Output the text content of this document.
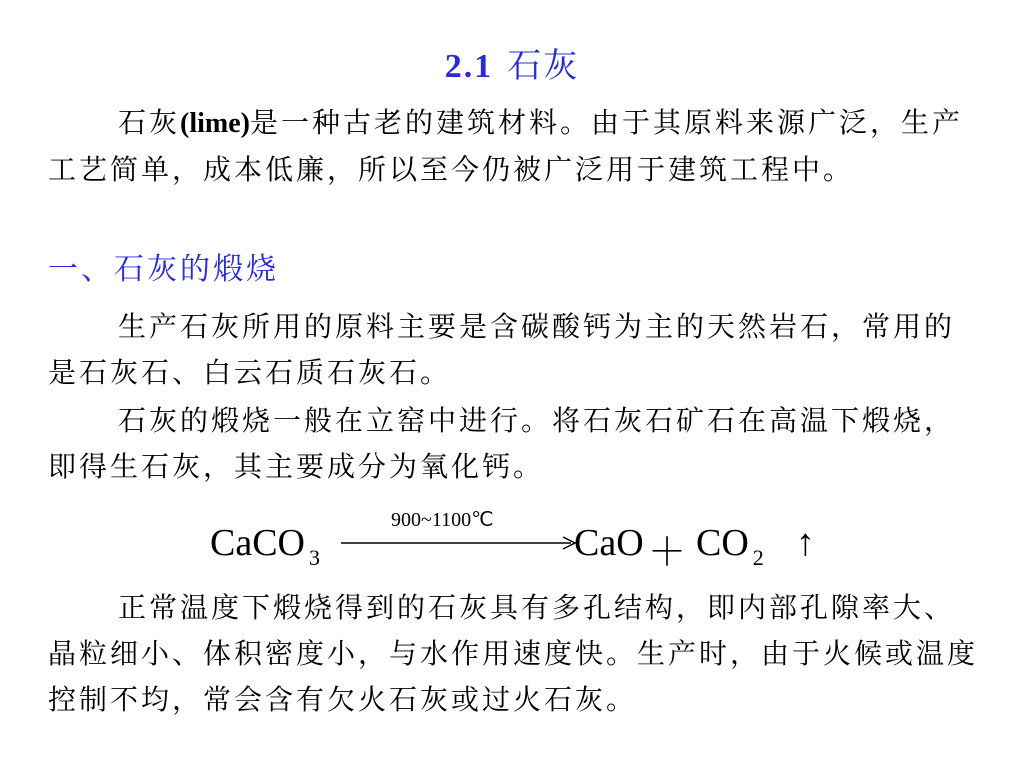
2.1 石灰
石灰(lime)是一种古老的建筑材料。由于其原料来源广泛，生产工艺简单，成本低廉，所以至今仍被广泛用于建筑工程中。
一、石灰的煅烧
生产石灰所用的原料主要是含碳酸钙为主的天然岩石，常用的是石灰石、白云石质石灰石。
石灰的煅烧一般在立窑中进行。将石灰石矿石在高温下煅烧，即得生石灰，其主要成分为氧化钙。
CaCO $_3$
900~1100℃
CaO ＋ CO $_2$ ↑
正常温度下煅烧得到的石灰具有多孔结构，即内部孔隙率大、晶粒细小、体积密度小，与水作用速度快。生产时，由于火候或温度控制不均，常会含有欠火石灰或过火石灰。
